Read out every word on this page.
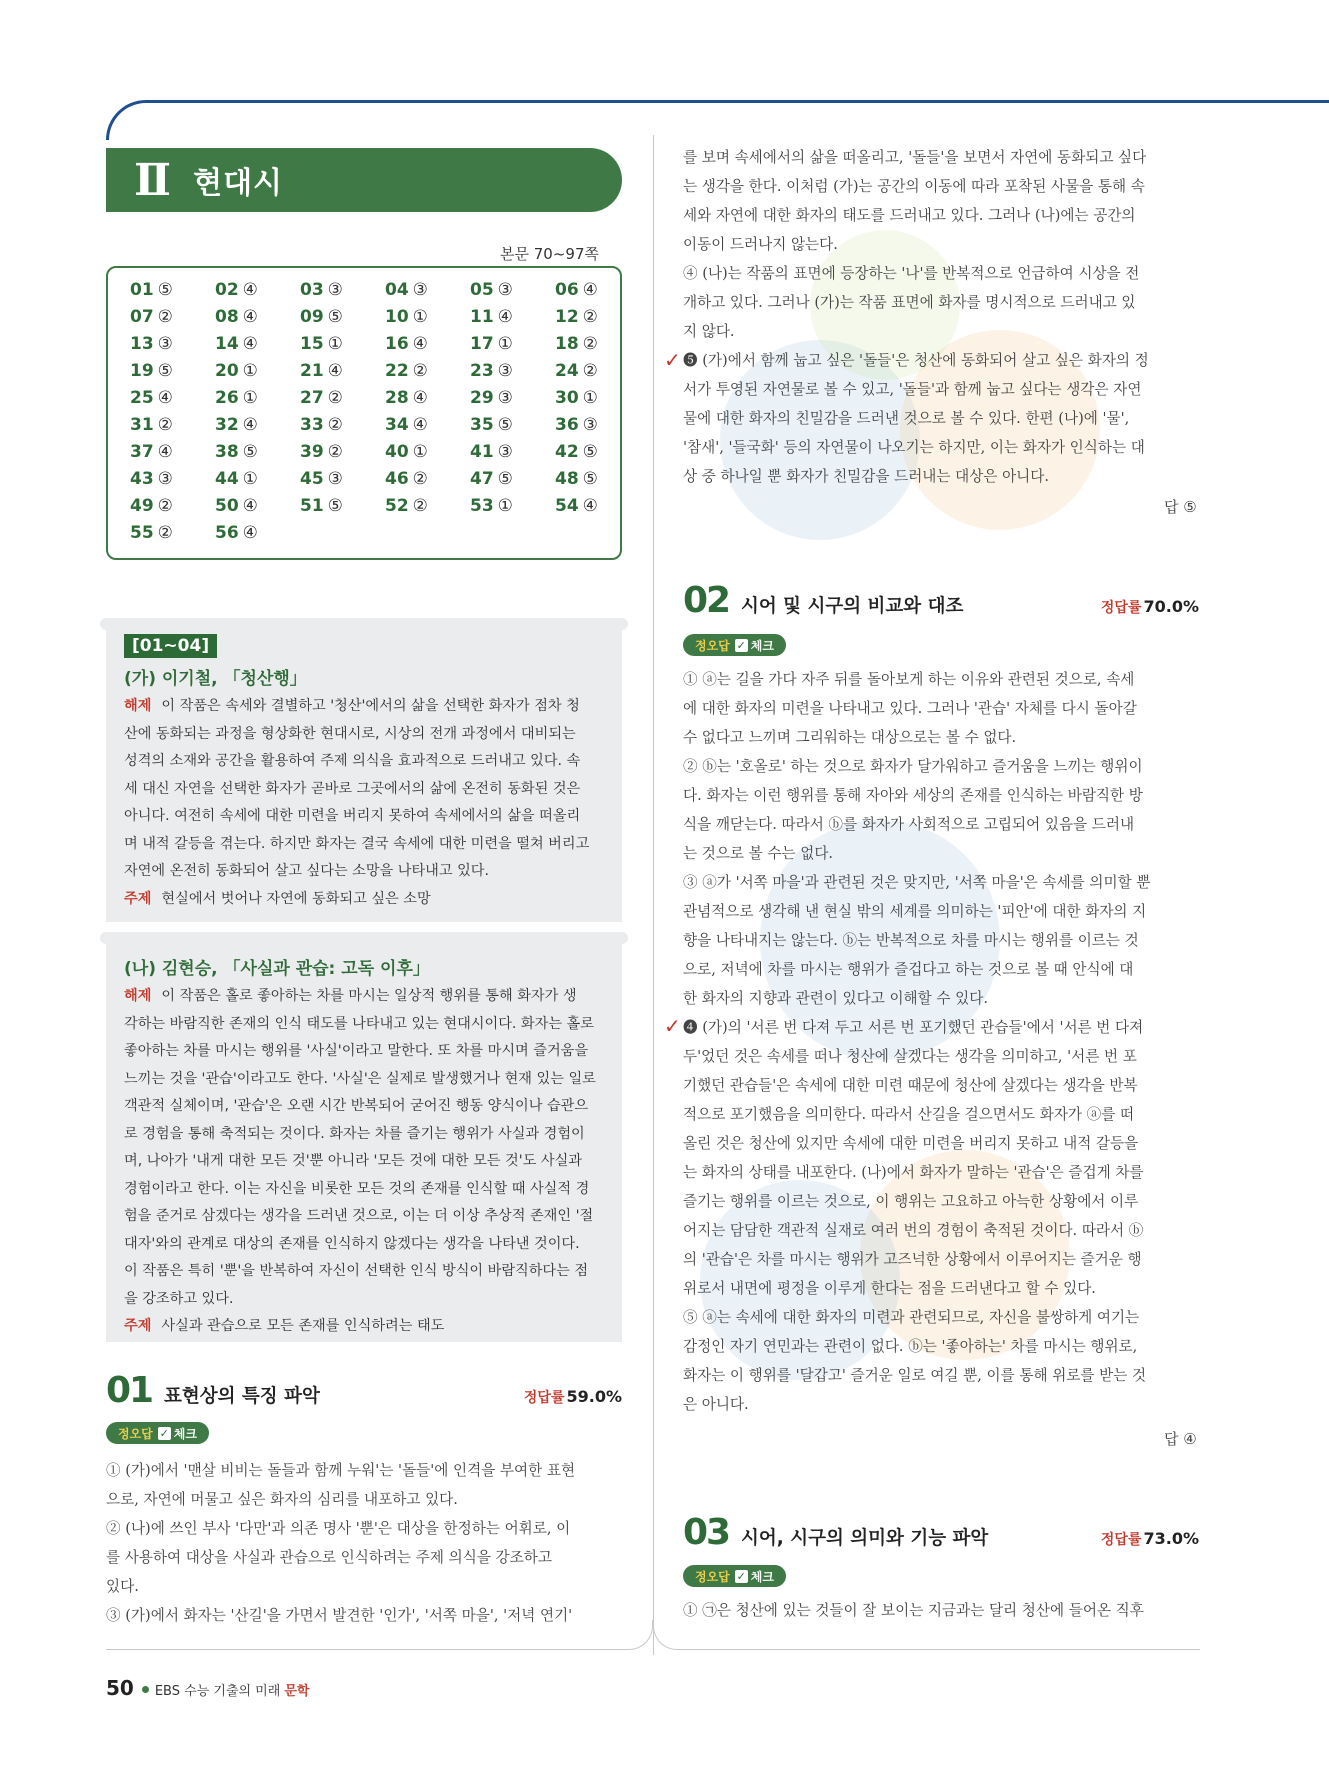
Ⅱ 현대시
본문 70~97쪽
01 ⑤	02 ④	03 ③	04 ③	05 ③	06 ④
07 ②	08 ④	09 ⑤	10 ①	11 ④	12 ②
13 ③	14 ④	15 ①	16 ④	17 ①	18 ②
19 ⑤	20 ①	21 ④	22 ②	23 ③	24 ②
25 ④	26 ①	27 ②	28 ④	29 ③	30 ①
31 ②	32 ④	33 ②	34 ④	35 ⑤	36 ③
37 ④	38 ⑤	39 ②	40 ①	41 ③	42 ⑤
43 ③	44 ①	45 ③	46 ②	47 ⑤	48 ⑤
49 ②	50 ④	51 ⑤	52 ②	53 ①	54 ④
55 ②	56 ④
[01~04]
(가) 이기철, 「청산행」
해제 이 작품은 속세와 결별하고 '청산'에서의 삶을 선택한 화자가 점차 청
산에 동화되는 과정을 형상화한 현대시로, 시상의 전개 과정에서 대비되는
성격의 소재와 공간을 활용하여 주제 의식을 효과적으로 드러내고 있다. 속
세 대신 자연을 선택한 화자가 곧바로 그곳에서의 삶에 온전히 동화된 것은
아니다. 여전히 속세에 대한 미련을 버리지 못하여 속세에서의 삶을 떠올리
며 내적 갈등을 겪는다. 하지만 화자는 결국 속세에 대한 미련을 떨쳐 버리고
자연에 온전히 동화되어 살고 싶다는 소망을 나타내고 있다.
주제 현실에서 벗어나 자연에 동화되고 싶은 소망
(나) 김현승, 「사실과 관습: 고독 이후」
해제 이 작품은 홀로 좋아하는 차를 마시는 일상적 행위를 통해 화자가 생
각하는 바람직한 존재의 인식 태도를 나타내고 있는 현대시이다. 화자는 홀로
좋아하는 차를 마시는 행위를 '사실'이라고 말한다. 또 차를 마시며 즐거움을
느끼는 것을 '관습'이라고도 한다. '사실'은 실제로 발생했거나 현재 있는 일로
객관적 실체이며, '관습'은 오랜 시간 반복되어 굳어진 행동 양식이나 습관으
로 경험을 통해 축적되는 것이다. 화자는 차를 즐기는 행위가 사실과 경험이
며, 나아가 '내게 대한 모든 것'뿐 아니라 '모든 것에 대한 모든 것'도 사실과
경험이라고 한다. 이는 자신을 비롯한 모든 것의 존재를 인식할 때 사실적 경
험을 준거로 삼겠다는 생각을 드러낸 것으로, 이는 더 이상 추상적 존재인 '절
대자'와의 관계로 대상의 존재를 인식하지 않겠다는 생각을 나타낸 것이다.
이 작품은 특히 '뿐'을 반복하여 자신이 선택한 인식 방식이 바람직하다는 점
을 강조하고 있다.
주제 사실과 관습으로 모든 존재를 인식하려는 태도
01 표현상의 특징 파악	정답률 59.0%
정오답 ✓ 체크
① (가)에서 '맨살 비비는 돌들과 함께 누워'는 '돌들'에 인격을 부여한 표현
으로, 자연에 머물고 싶은 화자의 심리를 내포하고 있다.
② (나)에 쓰인 부사 '다만'과 의존 명사 '뿐'은 대상을 한정하는 어휘로, 이
를 사용하여 대상을 사실과 관습으로 인식하려는 주제 의식을 강조하고
있다.
③ (가)에서 화자는 '산길'을 가면서 발견한 '인가', '서쪽 마을', '저녁 연기'
를 보며 속세에서의 삶을 떠올리고, '돌들'을 보면서 자연에 동화되고 싶다
는 생각을 한다. 이처럼 (가)는 공간의 이동에 따라 포착된 사물을 통해 속
세와 자연에 대한 화자의 태도를 드러내고 있다. 그러나 (나)에는 공간의
이동이 드러나지 않는다.
④ (나)는 작품의 표면에 등장하는 '나'를 반복적으로 언급하여 시상을 전
개하고 있다. 그러나 (가)는 작품 표면에 화자를 명시적으로 드러내고 있
지 않다.
❺ (가)에서 함께 눕고 싶은 '돌들'은 청산에 동화되어 살고 싶은 화자의 정
서가 투영된 자연물로 볼 수 있고, '돌들'과 함께 눕고 싶다는 생각은 자연
물에 대한 화자의 친밀감을 드러낸 것으로 볼 수 있다. 한편 (나)에 '물',
'참새', '들국화' 등의 자연물이 나오기는 하지만, 이는 화자가 인식하는 대
상 중 하나일 뿐 화자가 친밀감을 드러내는 대상은 아니다.
✓
답 ⑤
02 시어 및 시구의 비교와 대조	정답률 70.0%
정오답 ✓ 체크
① ⓐ는 길을 가다 자주 뒤를 돌아보게 하는 이유와 관련된 것으로, 속세
에 대한 화자의 미련을 나타내고 있다. 그러나 '관습' 자체를 다시 돌아갈
수 없다고 느끼며 그리워하는 대상으로는 볼 수 없다.
② ⓑ는 '호올로' 하는 것으로 화자가 달가워하고 즐거움을 느끼는 행위이
다. 화자는 이런 행위를 통해 자아와 세상의 존재를 인식하는 바람직한 방
식을 깨닫는다. 따라서 ⓑ를 화자가 사회적으로 고립되어 있음을 드러내
는 것으로 볼 수는 없다.
③ ⓐ가 '서쪽 마을'과 관련된 것은 맞지만, '서쪽 마을'은 속세를 의미할 뿐
관념적으로 생각해 낸 현실 밖의 세계를 의미하는 '피안'에 대한 화자의 지
향을 나타내지는 않는다. ⓑ는 반복적으로 차를 마시는 행위를 이르는 것
으로, 저녁에 차를 마시는 행위가 즐겁다고 하는 것으로 볼 때 안식에 대
한 화자의 지향과 관련이 있다고 이해할 수 있다.
❹ (가)의 '서른 번 다져 두고 서른 번 포기했던 관습들'에서 '서른 번 다져
두'었던 것은 속세를 떠나 청산에 살겠다는 생각을 의미하고, '서른 번 포
기했던 관습들'은 속세에 대한 미련 때문에 청산에 살겠다는 생각을 반복
적으로 포기했음을 의미한다. 따라서 산길을 걸으면서도 화자가 ⓐ를 떠
올린 것은 청산에 있지만 속세에 대한 미련을 버리지 못하고 내적 갈등을
는 화자의 상태를 내포한다. (나)에서 화자가 말하는 '관습'은 즐겁게 차를
즐기는 행위를 이르는 것으로, 이 행위는 고요하고 아늑한 상황에서 이루
어지는 담담한 객관적 실재로 여러 번의 경험이 축적된 것이다. 따라서 ⓑ
의 '관습'은 차를 마시는 행위가 고즈넉한 상황에서 이루어지는 즐거운 행
위로서 내면에 평정을 이루게 한다는 점을 드러낸다고 할 수 있다.
⑤ ⓐ는 속세에 대한 화자의 미련과 관련되므로, 자신을 불쌍하게 여기는
감정인 자기 연민과는 관련이 없다. ⓑ는 '좋아하는' 차를 마시는 행위로,
화자는 이 행위를 '달갑고' 즐거운 일로 여길 뿐, 이를 통해 위로를 받는 것
은 아니다.
✓
답 ④
03 시어, 시구의 의미와 기능 파악	정답률 73.0%
정오답 ✓ 체크
① ㉠은 청산에 있는 것들이 잘 보이는 지금과는 달리 청산에 들어온 직후
50 EBS 수능 기출의 미래 문학
